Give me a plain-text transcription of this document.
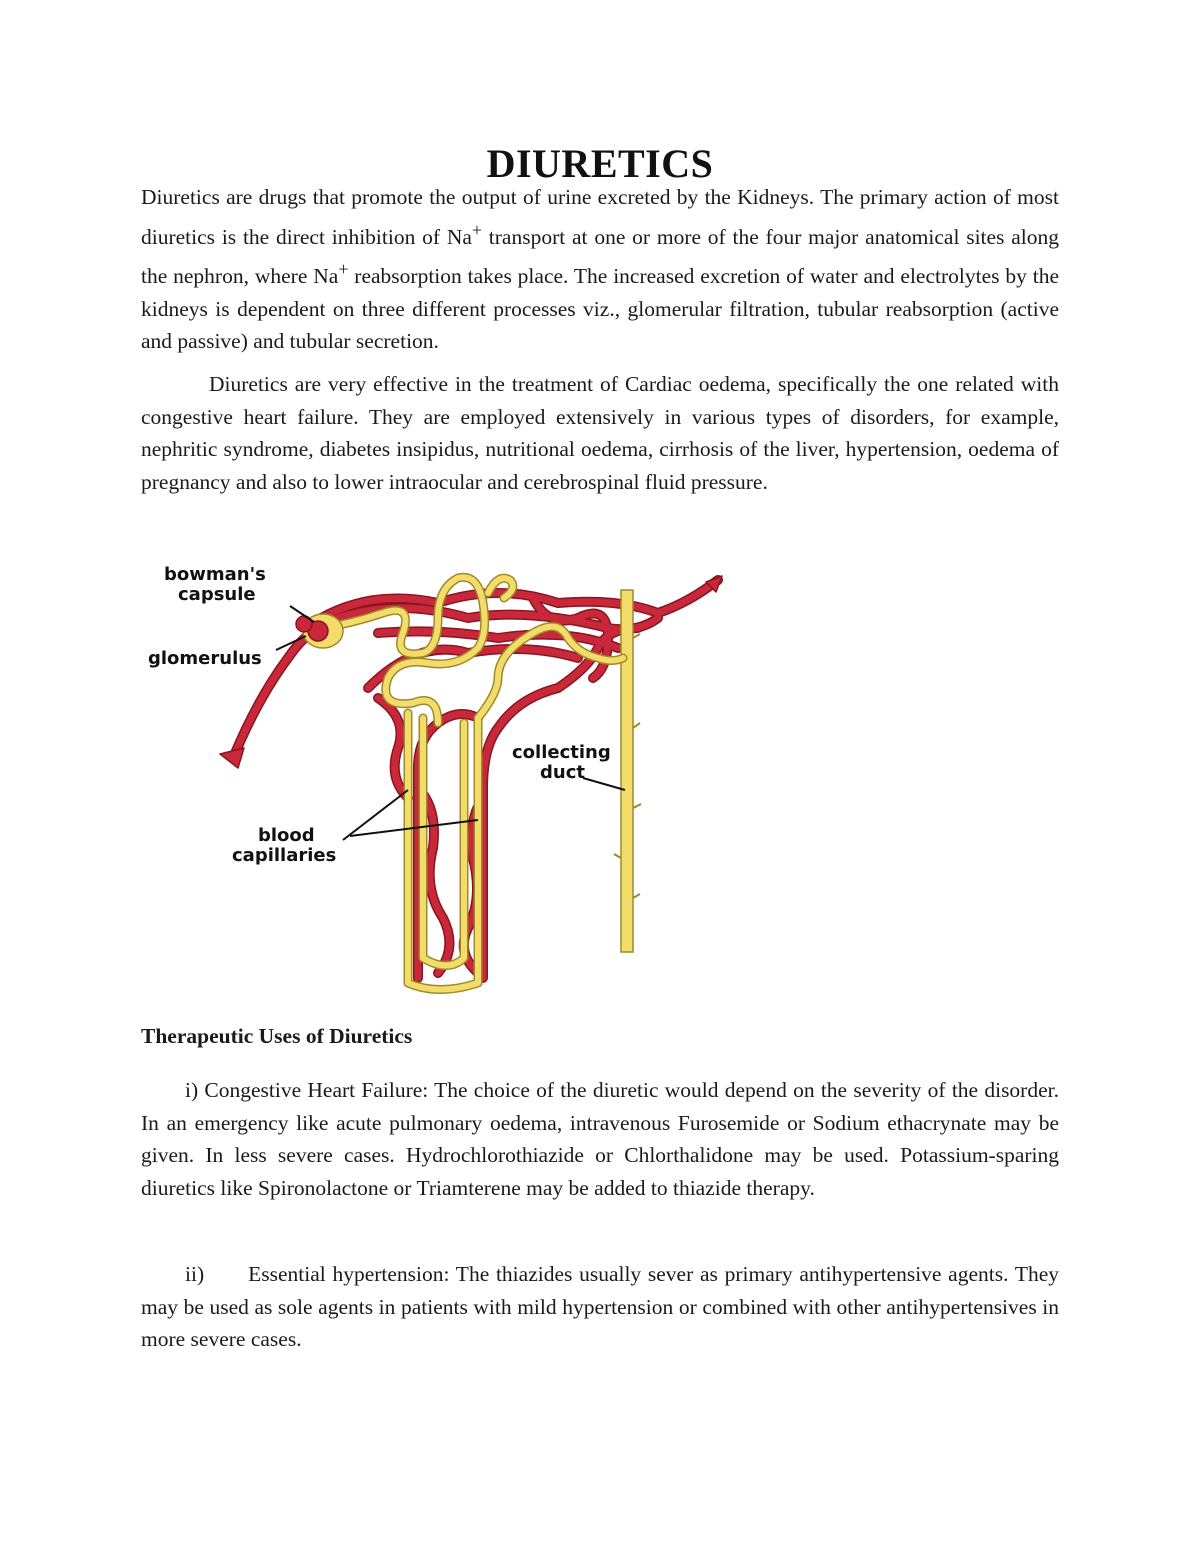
DIURETICS

Diuretics are drugs that promote the output of urine excreted by the Kidneys. The primary action of most diuretics is the direct inhibition of Na+ transport at one or more of the four major anatomical sites along the nephron, where Na+ reabsorption takes place. The increased excretion of water and electrolytes by the kidneys is dependent on three different processes viz., glomerular filtration, tubular reabsorption (active and passive) and tubular secretion.

Diuretics are very effective in the treatment of Cardiac oedema, specifically the one related with congestive heart failure. They are employed extensively in various types of disorders, for example, nephritic syndrome, diabetes insipidus, nutritional oedema, cirrhosis of the liver, hypertension, oedema of pregnancy and also to lower intraocular and cerebrospinal fluid pressure.

bowman's
capsule
glomerulus
collecting
duct
blood
capillaries
Therapeutic Uses of Diuretics

i) Congestive Heart Failure: The choice of the diuretic would depend on the severity of the disorder. In an emergency like acute pulmonary oedema, intravenous Furosemide or Sodium ethacrynate may be given. In less severe cases. Hydrochlorothiazide or Chlorthalidone may be used. Potassium-sparing diuretics like Spironolactone or Triamterene may be added to thiazide therapy.

ii) Essential hypertension: The thiazides usually sever as primary antihypertensive agents. They may be used as sole agents in patients with mild hypertension or combined with other antihypertensives in more severe cases.
